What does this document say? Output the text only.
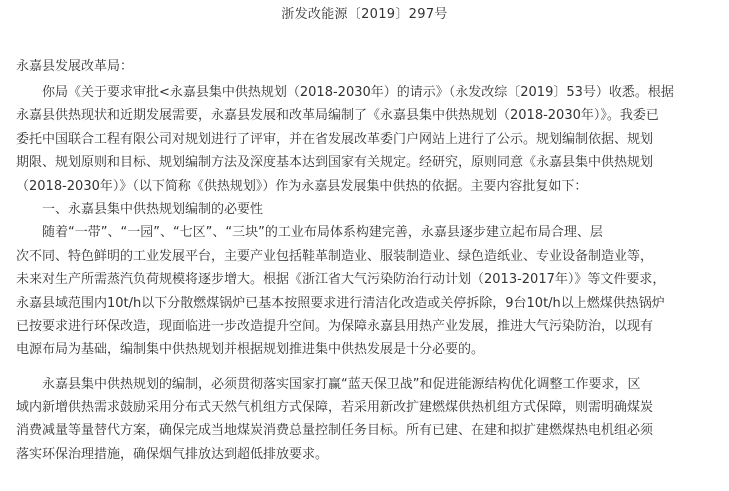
浙发改能源〔2019〕297号
永嘉县发展改革局：
　　你局《关于要求审批<永嘉县集中供热规划（2018-2030年）的请示》（永发改综〔2019〕53号）收悉。根据
永嘉县供热现状和近期发展需要，永嘉县发展和改革局编制了《永嘉县集中供热规划（2018-2030年）》。我委已
委托中国联合工程有限公司对规划进行了评审，并在省发展改革委门户网站上进行了公示。规划编制依据、规划
期限、规划原则和目标、规划编制方法及深度基本达到国家有关规定。经研究，原则同意《永嘉县集中供热规划
（2018-2030年）》（以下简称《供热规划》）作为永嘉县发展集中供热的依据。主要内容批复如下：
　　一、永嘉县集中供热规划编制的必要性
　　随着“一带”、“一园”、“七区”、“三块”的工业布局体系构建完善，永嘉县逐步建立起布局合理、层
次不同、特色鲜明的工业发展平台，主要产业包括鞋革制造业、服装制造业、绿色造纸业、专业设备制造业等，
未来对生产所需蒸汽负荷规模将逐步增大。根据《浙江省大气污染防治行动计划（2013-2017年）》等文件要求，
永嘉县域范围内10t/h以下分散燃煤锅炉已基本按照要求进行清洁化改造或关停拆除，9台10t/h以上燃煤供热锅炉
已按要求进行环保改造，现面临进一步改造提升空间。为保障永嘉县用热产业发展，推进大气污染防治，以现有
电源布局为基础，编制集中供热规划并根据规划推进集中供热发展是十分必要的。
　　永嘉县集中供热规划的编制，必须贯彻落实国家打赢“蓝天保卫战”和促进能源结构优化调整工作要求，区
域内新增供热需求鼓励采用分布式天然气机组方式保障，若采用新改扩建燃煤供热机组方式保障，则需明确煤炭
消费减量等量替代方案，确保完成当地煤炭消费总量控制任务目标。所有已建、在建和拟扩建燃煤热电机组必须
落实环保治理措施，确保烟气排放达到超低排放要求。
